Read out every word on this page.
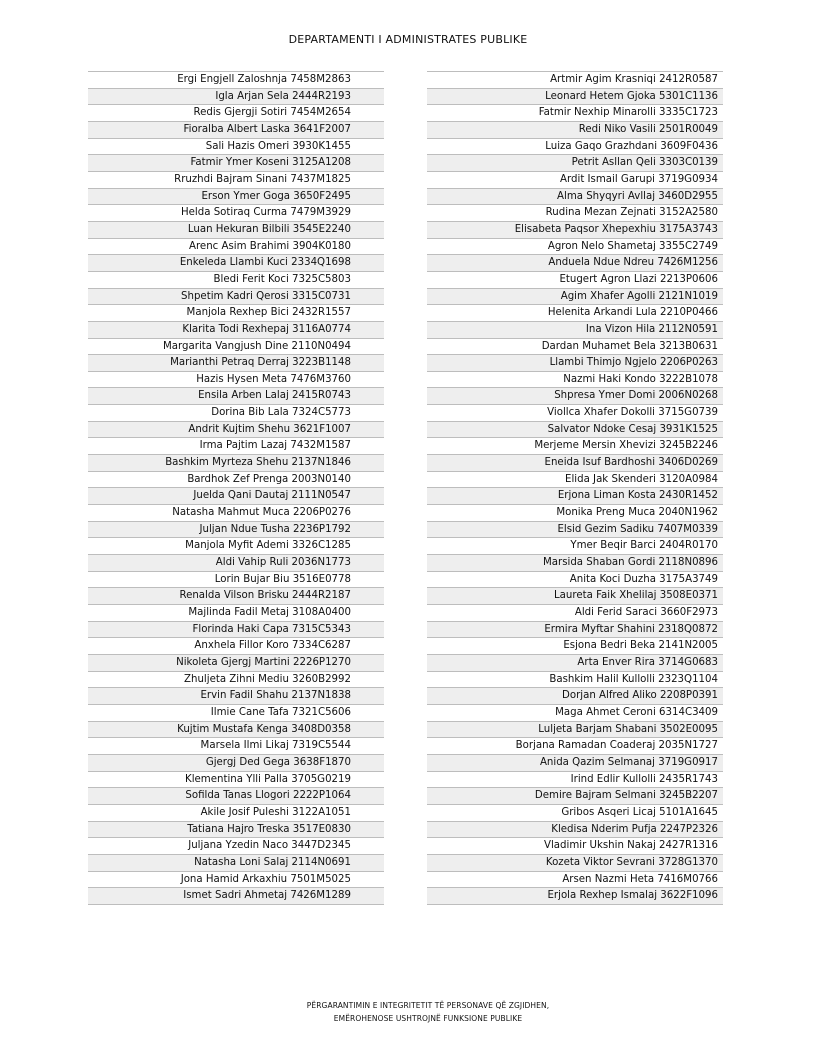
DEPARTAMENTI I ADMINISTRATES PUBLIKE
Ergi Engjell Zaloshnja 7458M2863
Igla Arjan Sela 2444R2193
Redis Gjergji Sotiri 7454M2654
Fioralba Albert Laska 3641F2007
Sali Hazis Omeri 3930K1455
Fatmir Ymer Koseni 3125A1208
Rruzhdi Bajram Sinani 7437M1825
Erson Ymer Goga 3650F2495
Helda Sotiraq Curma 7479M3929
Luan Hekuran Bilbili 3545E2240
Arenc Asim Brahimi 3904K0180
Enkeleda Llambi Kuci 2334Q1698
Bledi Ferit Koci 7325C5803
Shpetim Kadri Qerosi 3315C0731
Manjola Rexhep Bici 2432R1557
Klarita Todi Rexhepaj 3116A0774
Margarita Vangjush Dine 2110N0494
Marianthi Petraq Derraj 3223B1148
Hazis Hysen Meta 7476M3760
Ensila Arben Lalaj 2415R0743
Dorina Bib Lala 7324C5773
Andrit Kujtim Shehu 3621F1007
Irma Pajtim Lazaj 7432M1587
Bashkim Myrteza Shehu 2137N1846
Bardhok Zef Prenga 2003N0140
Juelda Qani Dautaj 2111N0547
Natasha Mahmut Muca 2206P0276
Juljan Ndue Tusha 2236P1792
Manjola Myfit Ademi 3326C1285
Aldi Vahip Ruli 2036N1773
Lorin Bujar Biu 3516E0778
Renalda Vilson Brisku 2444R2187
Majlinda Fadil Metaj 3108A0400
Florinda Haki Capa 7315C5343
Anxhela Fillor Koro 7334C6287
Nikoleta Gjergj Martini 2226P1270
Zhuljeta Zihni Mediu 3260B2992
Ervin Fadil Shahu 2137N1838
Ilmie Cane Tafa 7321C5606
Kujtim Mustafa Kenga 3408D0358
Marsela Ilmi Likaj 7319C5544
Gjergj Ded Gega 3638F1870
Klementina Ylli Palla 3705G0219
Sofilda Tanas Llogori 2222P1064
Akile Josif Puleshi 3122A1051
Tatiana Hajro Treska 3517E0830
Juljana Yzedin Naco 3447D2345
Natasha Loni Salaj 2114N0691
Jona Hamid Arkaxhiu 7501M5025
Ismet Sadri Ahmetaj 7426M1289
Artmir Agim Krasniqi 2412R0587
Leonard Hetem Gjoka 5301C1136
Fatmir Nexhip Minarolli 3335C1723
Redi Niko Vasili 2501R0049
Luiza Gaqo Grazhdani 3609F0436
Petrit Asllan Qeli 3303C0139
Ardit Ismail Garupi 3719G0934
Alma Shyqyri Avllaj 3460D2955
Rudina Mezan Zejnati 3152A2580
Elisabeta Paqsor Xhepexhiu 3175A3743
Agron Nelo Shametaj 3355C2749
Anduela Ndue Ndreu 7426M1256
Etugert Agron Llazi 2213P0606
Agim Xhafer Agolli 2121N1019
Helenita Arkandi Lula 2210P0466
Ina Vizon Hila 2112N0591
Dardan Muhamet Bela 3213B0631
Llambi Thimjo Ngjelo 2206P0263
Nazmi Haki Kondo 3222B1078
Shpresa Ymer Domi 2006N0268
Viollca Xhafer Dokolli 3715G0739
Salvator Ndoke Cesaj 3931K1525
Merjeme Mersin Xhevizi 3245B2246
Eneida Isuf Bardhoshi 3406D0269
Elida Jak Skenderi 3120A0984
Erjona Liman Kosta 2430R1452
Monika Preng Muca 2040N1962
Elsid Gezim Sadiku 7407M0339
Ymer Beqir Barci 2404R0170
Marsida Shaban Gordi 2118N0896
Anita Koci Duzha 3175A3749
Laureta Faik Xhelilaj 3508E0371
Aldi Ferid Saraci 3660F2973
Ermira Myftar Shahini 2318Q0872
Esjona Bedri Beka 2141N2005
Arta Enver Rira 3714G0683
Bashkim Halil Kullolli 2323Q1104
Dorjan Alfred Aliko 2208P0391
Maga Ahmet Ceroni 6314C3409
Luljeta Barjam Shabani 3502E0095
Borjana Ramadan Coaderaj 2035N1727
Anida Qazim Selmanaj 3719G0917
Irind Edlir Kullolli 2435R1743
Demire Bajram Selmani 3245B2207
Gribos Asqeri Licaj 5101A1645
Kledisa Nderim Pufja 2247P2326
Vladimir Ukshin Nakaj 2427R1316
Kozeta Viktor Sevrani 3728G1370
Arsen Nazmi Heta 7416M0766
Erjola Rexhep Ismalaj 3622F1096
PËRGARANTIMIN E INTEGRITETIT TË PERSONAVE QË ZGJIDHEN,
EMËROHENOSE USHTROJNË FUNKSIONE PUBLIKE
